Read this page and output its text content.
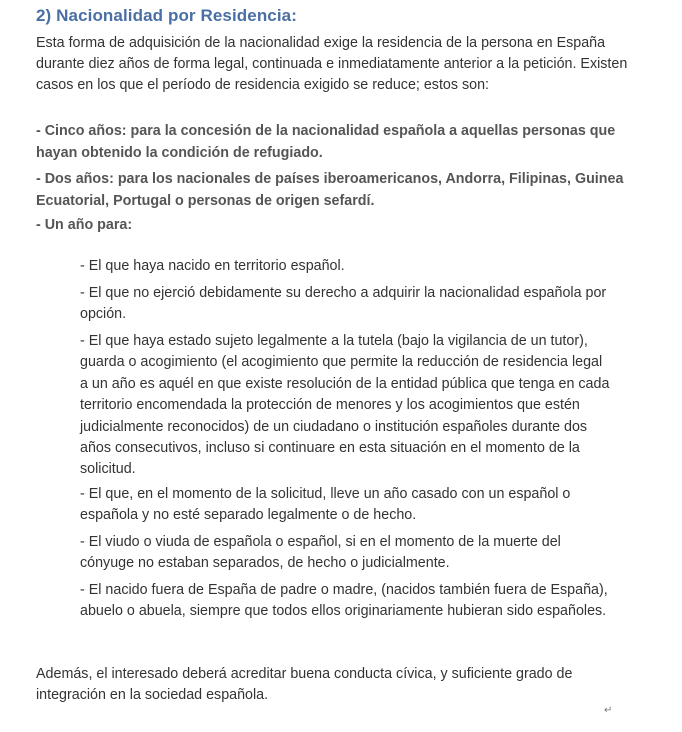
2) Nacionalidad por Residencia:

Esta forma de adquisición de la nacionalidad exige la residencia de la persona en España durante diez años de forma legal, continuada e inmediatamente anterior a la petición. Existen casos en los que el período de residencia exigido se reduce; estos son:

- Cinco años: para la concesión de la nacionalidad española a aquellas personas que hayan obtenido la condición de refugiado.

- Dos años: para los nacionales de países iberoamericanos, Andorra, Filipinas, Guinea Ecuatorial, Portugal o personas de origen sefardí.

- Un año para:

- El que haya nacido en territorio español.

- El que no ejerció debidamente su derecho a adquirir la nacionalidad española por opción.

- El que haya estado sujeto legalmente a la tutela (bajo la vigilancia de un tutor), guarda o acogimiento (el acogimiento que permite la reducción de residencia legal a un año es aquél en que existe resolución de la entidad pública que tenga en cada territorio encomendada la protección de menores y los acogimientos que estén judicialmente reconocidos) de un ciudadano o institución españoles durante dos años consecutivos, incluso si continuare en esta situación en el momento de la solicitud.

- El que, en el momento de la solicitud, lleve un año casado con un español o española y no esté separado legalmente o de hecho.

- El viudo o viuda de española o español, si en el momento de la muerte del cónyuge no estaban separados, de hecho o judicialmente.

- El nacido fuera de España de padre o madre, (nacidos también fuera de España), abuelo o abuela, siempre que todos ellos originariamente hubieran sido españoles.

Además, el interesado deberá acreditar buena conducta cívica, y suficiente grado de integración en la sociedad española.

↵
